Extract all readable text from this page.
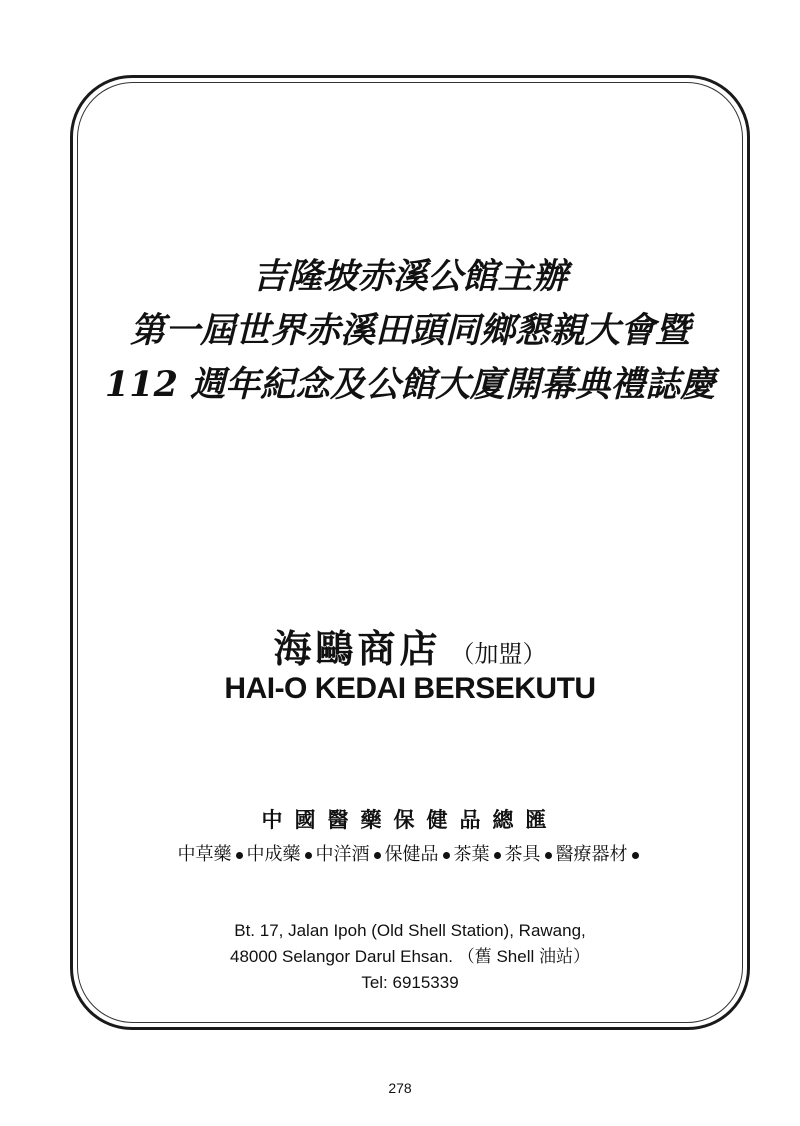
吉隆坡赤溪公館主辦
第一屆世界赤溪田頭同鄉懇親大會暨
112 週年紀念及公館大廈開幕典禮誌慶
海鷗商店 （加盟）
HAI-O KEDAI BERSEKUTU
中國醫藥保健品總匯
中草藥 中成藥 中洋酒 保健品 茶葉 茶具 醫療器材
Bt. 17, Jalan Ipoh (Old Shell Station), Rawang,
48000 Selangor Darul Ehsan. （舊 Shell 油站）
Tel: 6915339
278
